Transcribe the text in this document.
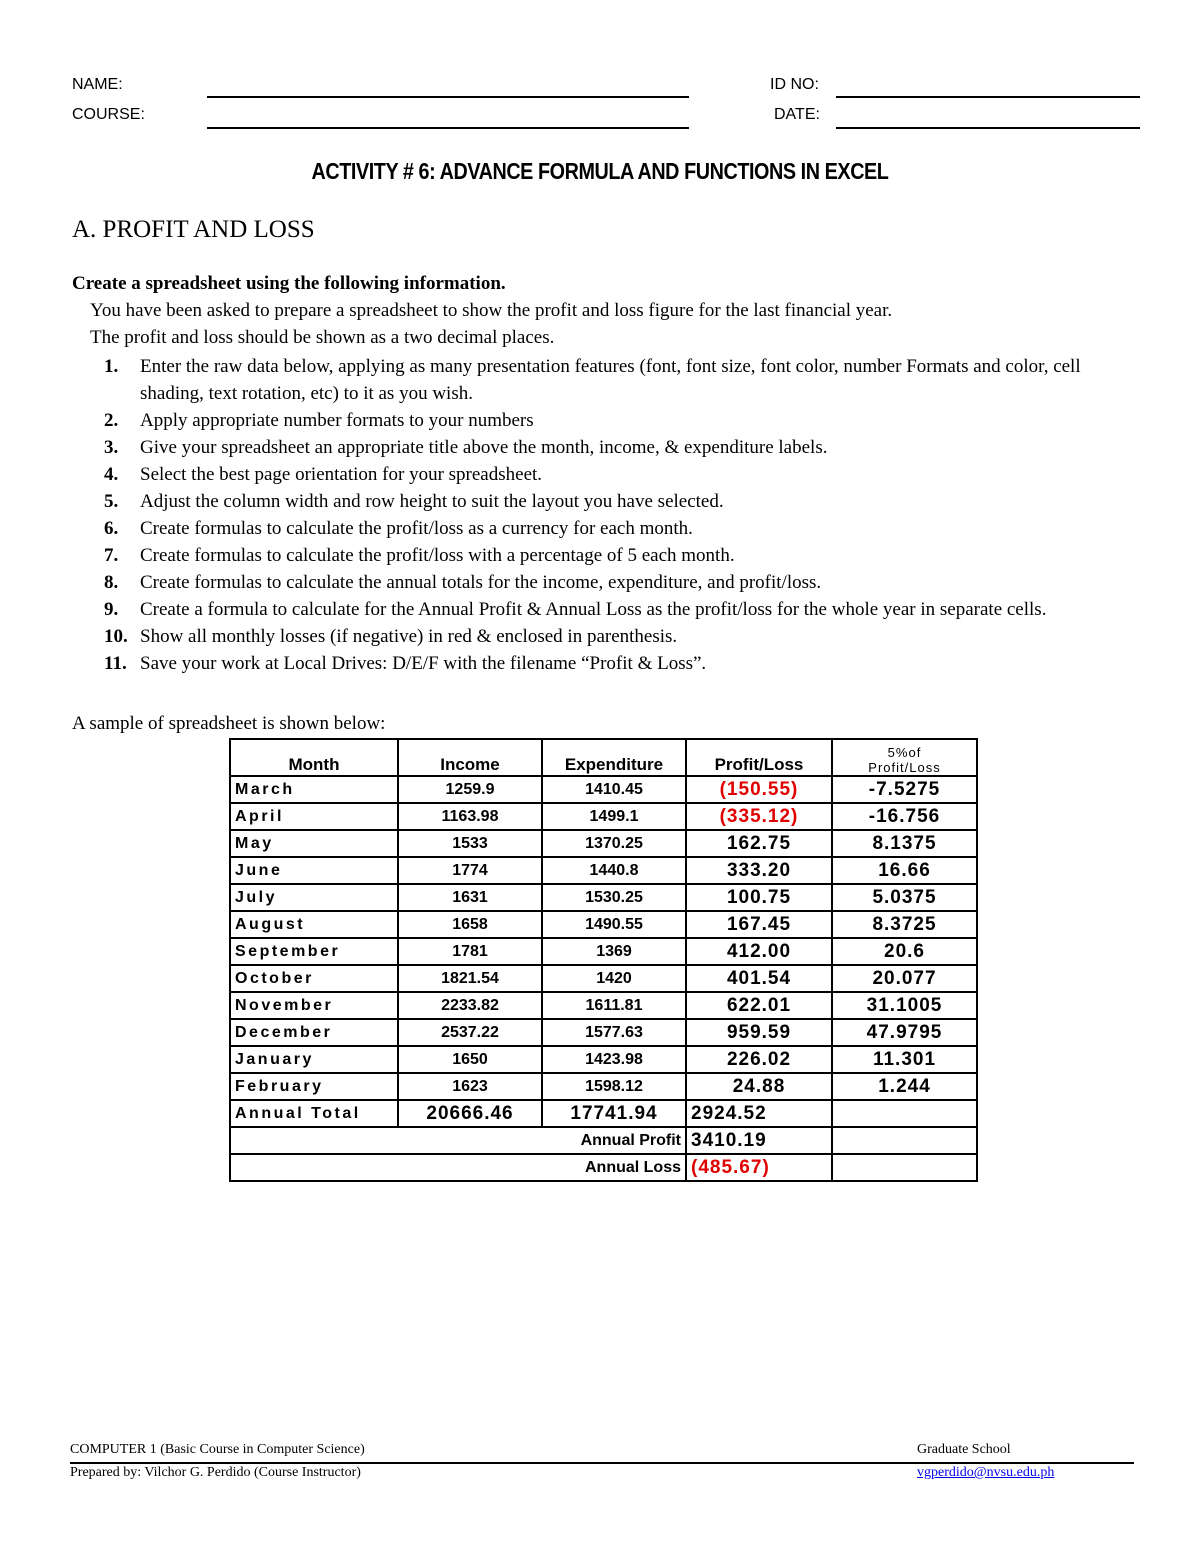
NAME:	ID NO:
COURSE:	DATE:
ACTIVITY # 6: ADVANCE FORMULA AND FUNCTIONS IN EXCEL
A. PROFIT AND LOSS
Create a spreadsheet using the following information.
You have been asked to prepare a spreadsheet to show the profit and loss figure for the last financial year.
The profit and loss should be shown as a two decimal places.
1.	Enter the raw data below, applying as many presentation features (font, font size, font color, number Formats and color, cell shading, text rotation, etc) to it as you wish.
2.	Apply appropriate number formats to your numbers
3.	Give your spreadsheet an appropriate title above the month, income, & expenditure labels.
4.	Select the best page orientation for your spreadsheet.
5.	Adjust the column width and row height to suit the layout you have selected.
6.	Create formulas to calculate the profit/loss as a currency for each month.
7.	Create formulas to calculate the profit/loss with a percentage of 5 each month.
8.	Create formulas to calculate the annual totals for the income, expenditure, and profit/loss.
9.	Create a formula to calculate for the Annual Profit & Annual Loss as the profit/loss for the whole year in separate cells.
10. Show all monthly losses (if negative) in red & enclosed in parenthesis.
11. Save your work at Local Drives: D/E/F with the filename “Profit & Loss”.
A sample of spreadsheet is shown below:
Month	Income	Expenditure	Profit/Loss	5%of
Profit/Loss

March	1259.9	1410.45	(150.55)	-7.5275
April	1163.98	1499.1	(335.12)	-16.756
May	1533	1370.25	162.75	8.1375
June	1774	1440.8	333.20	16.66
July	1631	1530.25	100.75	5.0375
August	1658	1490.55	167.45	8.3725
September	1781	1369	412.00	20.6
October	1821.54	1420	401.54	20.077
November	2233.82	1611.81	622.01	31.1005
December	2537.22	1577.63	959.59	47.9795
January	1650	1423.98	226.02	11.301
February	1623	1598.12	24.88	1.244
Annual Total	20666.46	17741.94	2924.52	
Annual Profit			3410.19	
Annual Loss			(485.67)	
COMPUTER 1 (Basic Course in Computer Science)	Graduate School
Prepared by: Vilchor G. Perdido (Course Instructor)	vgperdido@nvsu.edu.ph
